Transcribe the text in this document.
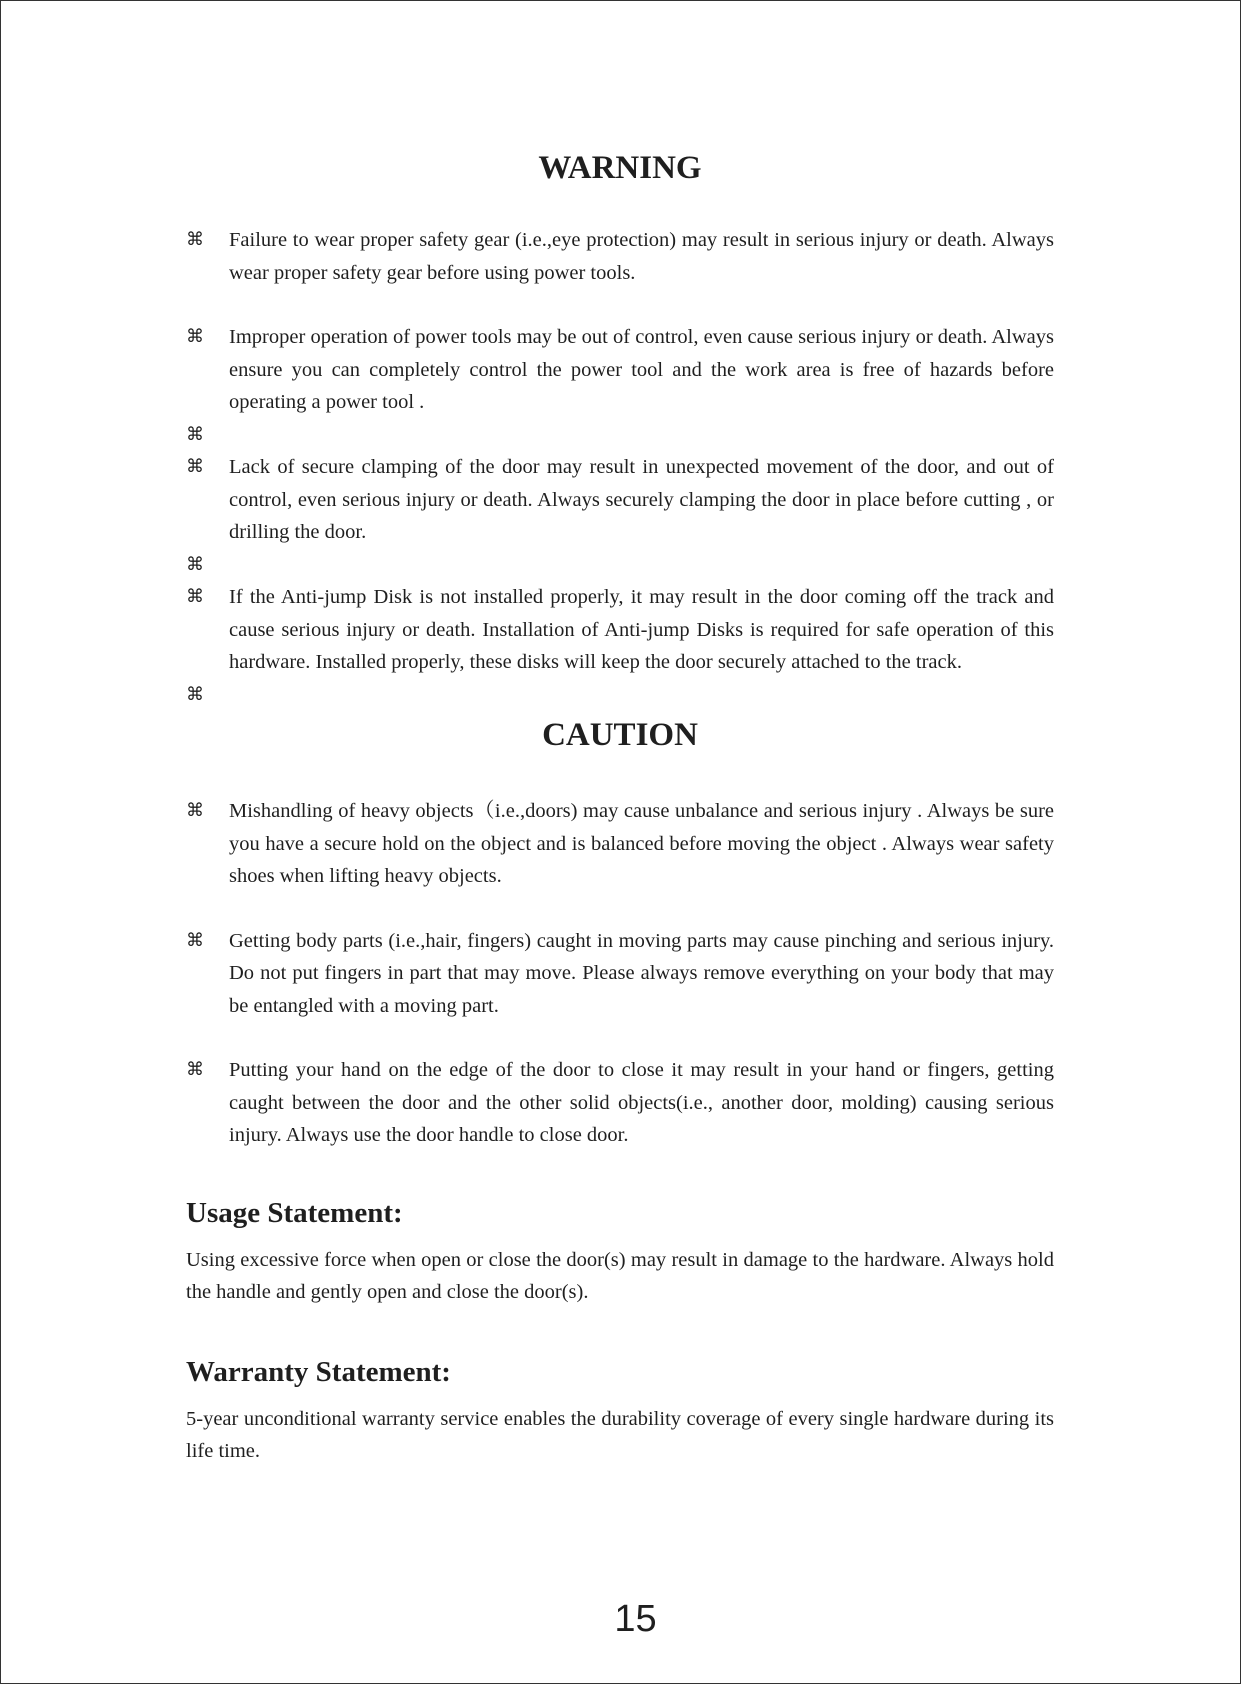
WARNING
⌘ Failure to wear proper safety gear (i.e.,eye protection) may result in serious injury or death. Always wear proper safety gear before using power tools.
⌘ Improper operation of power tools may be out of control, even cause serious injury or death. Always ensure you can completely control the power tool and the work area is free of hazards before operating a power tool .
⌘
⌘ Lack of secure clamping of the door may result in unexpected movement of the door, and out of control, even serious injury or death. Always securely clamping the door in place before cutting , or drilling the door.
⌘
⌘ If the Anti-jump Disk is not installed properly, it may result in the door coming off the track and cause serious injury or death. Installation of Anti-jump Disks is required for safe operation of this hardware. Installed properly, these disks will keep the door securely attached to the track.
⌘
CAUTION
⌘ Mishandling of heavy objects（i.e.,doors) may cause unbalance and serious injury . Always be sure you have a secure hold on the object and is balanced before moving the object . Always wear safety shoes when lifting heavy objects.
⌘ Getting body parts (i.e.,hair, fingers) caught in moving parts may cause pinching and serious injury. Do not put fingers in part that may move. Please always remove everything on your body that may be entangled with a moving part.
⌘ Putting your hand on the edge of the door to close it may result in your hand or fingers, getting caught between the door and the other solid objects(i.e., another door, molding) causing serious injury. Always use the door handle to close door.
Usage Statement:

Using excessive force when open or close the door(s) may result in damage to the hardware. Always hold the handle and gently open and close the door(s).

Warranty Statement:

5-year unconditional warranty service enables the durability coverage of every single hardware during its life time.

15
